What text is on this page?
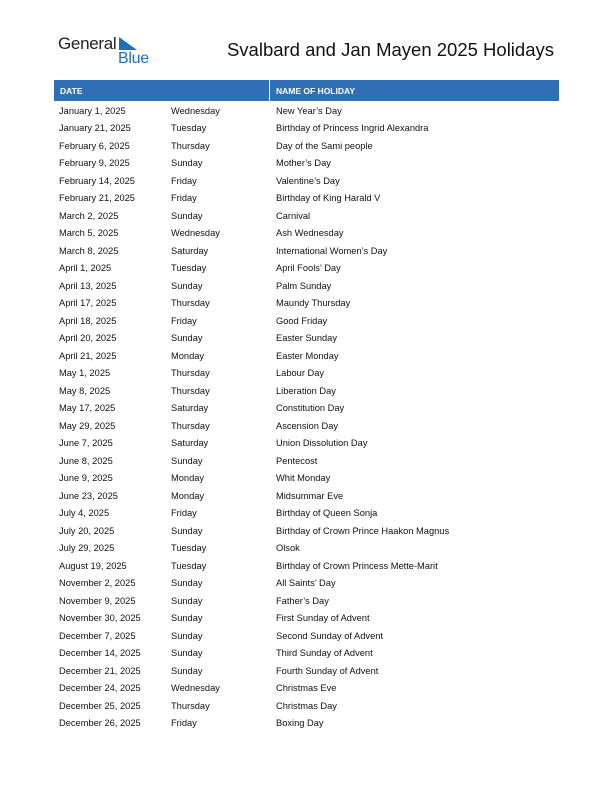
General
Blue	Svalbard and Jan Mayen 2025 Holidays
DATE	NAME OF HOLIDAY
January 1, 2025	Wednesday	New Year’s Day
January 21, 2025	Tuesday	Birthday of Princess Ingrid Alexandra
February 6, 2025	Thursday	Day of the Sami people
February 9, 2025	Sunday	Mother’s Day
February 14, 2025	Friday	Valentine’s Day
February 21, 2025	Friday	Birthday of King Harald V
March 2, 2025	Sunday	Carnival
March 5, 2025	Wednesday	Ash Wednesday
March 8, 2025	Saturday	International Women’s Day
April 1, 2025	Tuesday	April Fools’ Day
April 13, 2025	Sunday	Palm Sunday
April 17, 2025	Thursday	Maundy Thursday
April 18, 2025	Friday	Good Friday
April 20, 2025	Sunday	Easter Sunday
April 21, 2025	Monday	Easter Monday
May 1, 2025	Thursday	Labour Day
May 8, 2025	Thursday	Liberation Day
May 17, 2025	Saturday	Constitution Day
May 29, 2025	Thursday	Ascension Day
June 7, 2025	Saturday	Union Dissolution Day
June 8, 2025	Sunday	Pentecost
June 9, 2025	Monday	Whit Monday
June 23, 2025	Monday	Midsummar Eve
July 4, 2025	Friday	Birthday of Queen Sonja
July 20, 2025	Sunday	Birthday of Crown Prince Haakon Magnus
July 29, 2025	Tuesday	Olsok
August 19, 2025	Tuesday	Birthday of Crown Princess Mette-Marit
November 2, 2025	Sunday	All Saints’ Day
November 9, 2025	Sunday	Father’s Day
November 30, 2025	Sunday	First Sunday of Advent
December 7, 2025	Sunday	Second Sunday of Advent
December 14, 2025	Sunday	Third Sunday of Advent
December 21, 2025	Sunday	Fourth Sunday of Advent
December 24, 2025	Wednesday	Christmas Eve
December 25, 2025	Thursday	Christmas Day
December 26, 2025	Friday	Boxing Day
